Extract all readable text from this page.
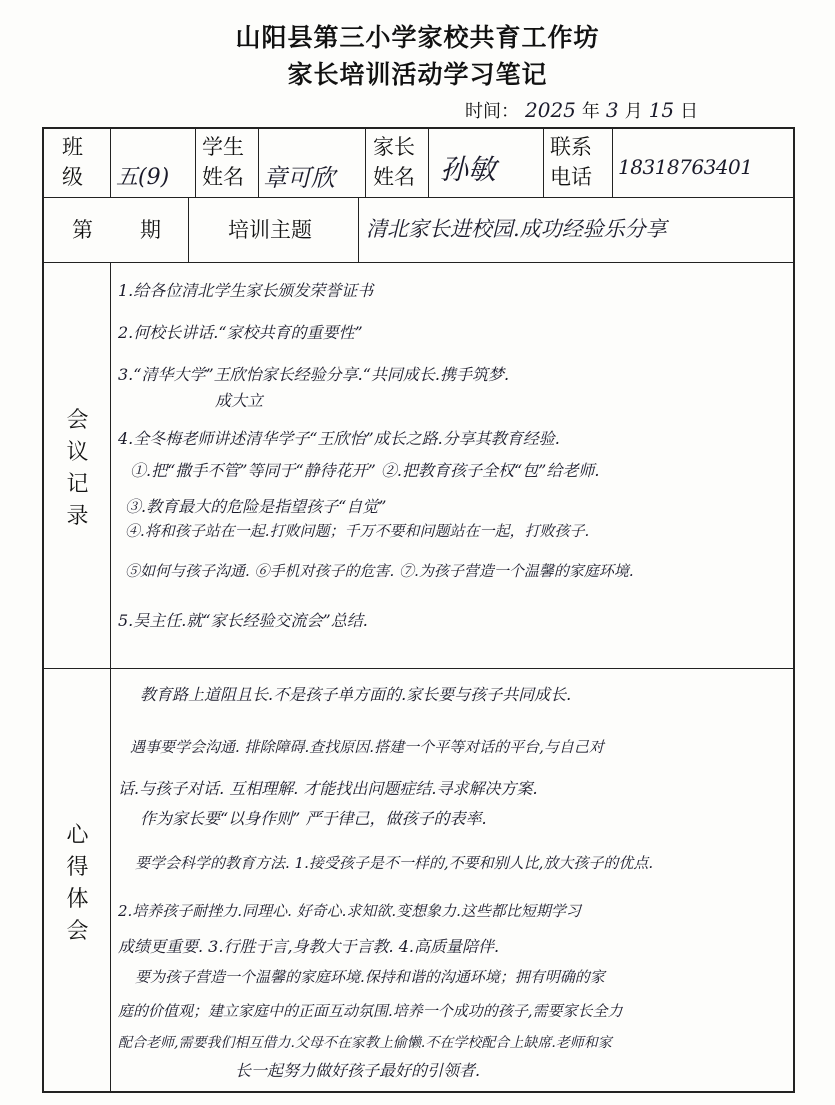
山阳县第三小学家校共育工作坊
家长培训活动学习笔记
时间： 2025 年 3 月 15 日
班
级 五(9)
学生
姓名 章可欣
家长
姓名 孙敏
联系
电话 18318763401
第 期	培训主题	清北家长进校园.成功经验乐分享
会
议
记
录
1.给各位清北学生家长颁发荣誉证书
2.何校长讲话.“家校共育的重要性”
3.“清华大学”王欣怡家长经验分享.“共同成长.携手筑梦.
成大立
4.全冬梅老师讲述清华学子“王欣怡”成长之路.分享其教育经验.
①.把“撒手不管”等同于“静待花开” ②.把教育孩子全权“包”给老师.
③.教育最大的危险是指望孩子“自觉”
④.将和孩子站在一起.打败问题；千万不要和问题站在一起，打败孩子.
⑤如何与孩子沟通. ⑥手机对孩子的危害. ⑦.为孩子营造一个温馨的家庭环境.
5.吴主任.就“家长经验交流会”总结.
心
得
体
会
教育路上道阻且长.不是孩子单方面的.家长要与孩子共同成长.
遇事要学会沟通. 排除障碍.查找原因.搭建一个平等对话的平台,与自己对
话.与孩子对话. 互相理解. 才能找出问题症结.寻求解决方案.
作为家长要“以身作则” 严于律己，做孩子的表率.
要学会科学的教育方法. 1.接受孩子是不一样的,不要和别人比,放大孩子的优点.
2.培养孩子耐挫力.同理心. 好奇心.求知欲.变想象力.这些都比短期学习
成绩更重要. 3.行胜于言,身教大于言教. 4.高质量陪伴.
要为孩子营造一个温馨的家庭环境.保持和谐的沟通环境；拥有明确的家
庭的价值观；建立家庭中的正面互动氛围.培养一个成功的孩子,需要家长全力
配合老师,需要我们相互借力.父母不在家教上偷懒.不在学校配合上缺席.老师和家
长一起努力做好孩子最好的引领者.
